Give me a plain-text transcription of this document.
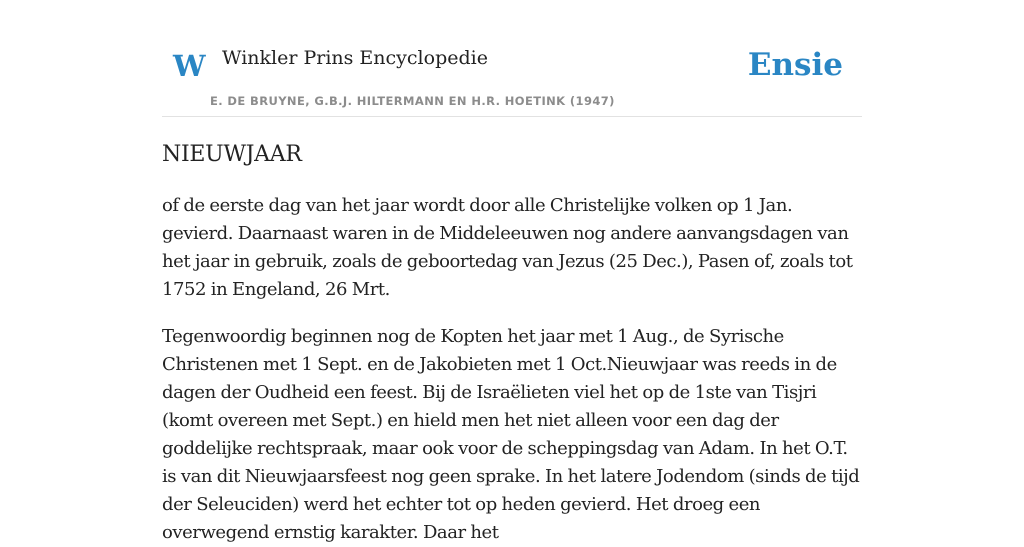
W Winkler Prins Encyclopedie
E. DE BRUYNE, G.B.J. HILTERMANN EN H.R. HOETINK (1947)
Ensie
NIEUWJAAR

of de eerste dag van het jaar wordt door alle Christelijke volken op 1 Jan. gevierd. Daarnaast waren in de Middeleeuwen nog andere aanvangsdagen van het jaar in gebruik, zoals de geboortedag van Jezus (25 Dec.), Pasen of, zoals tot 1752 in Engeland, 26 Mrt.

Tegenwoordig beginnen nog de Kopten het jaar met 1 Aug., de Syrische Christenen met 1 Sept. en de Jakobieten met 1 Oct.Nieuwjaar was reeds in de dagen der Oudheid een feest. Bij de Israëlieten viel het op de 1ste van Tisjri (komt overeen met Sept.) en hield men het niet alleen voor een dag der goddelijke rechtspraak, maar ook voor de scheppingsdag van Adam. In het O.T. is van dit Nieuwjaarsfeest nog geen sprake. In het latere Jodendom (sinds de tijd der Seleuciden) werd het echter tot op heden gevierd. Het droeg een overwegend ernstig karakter. Daar het
